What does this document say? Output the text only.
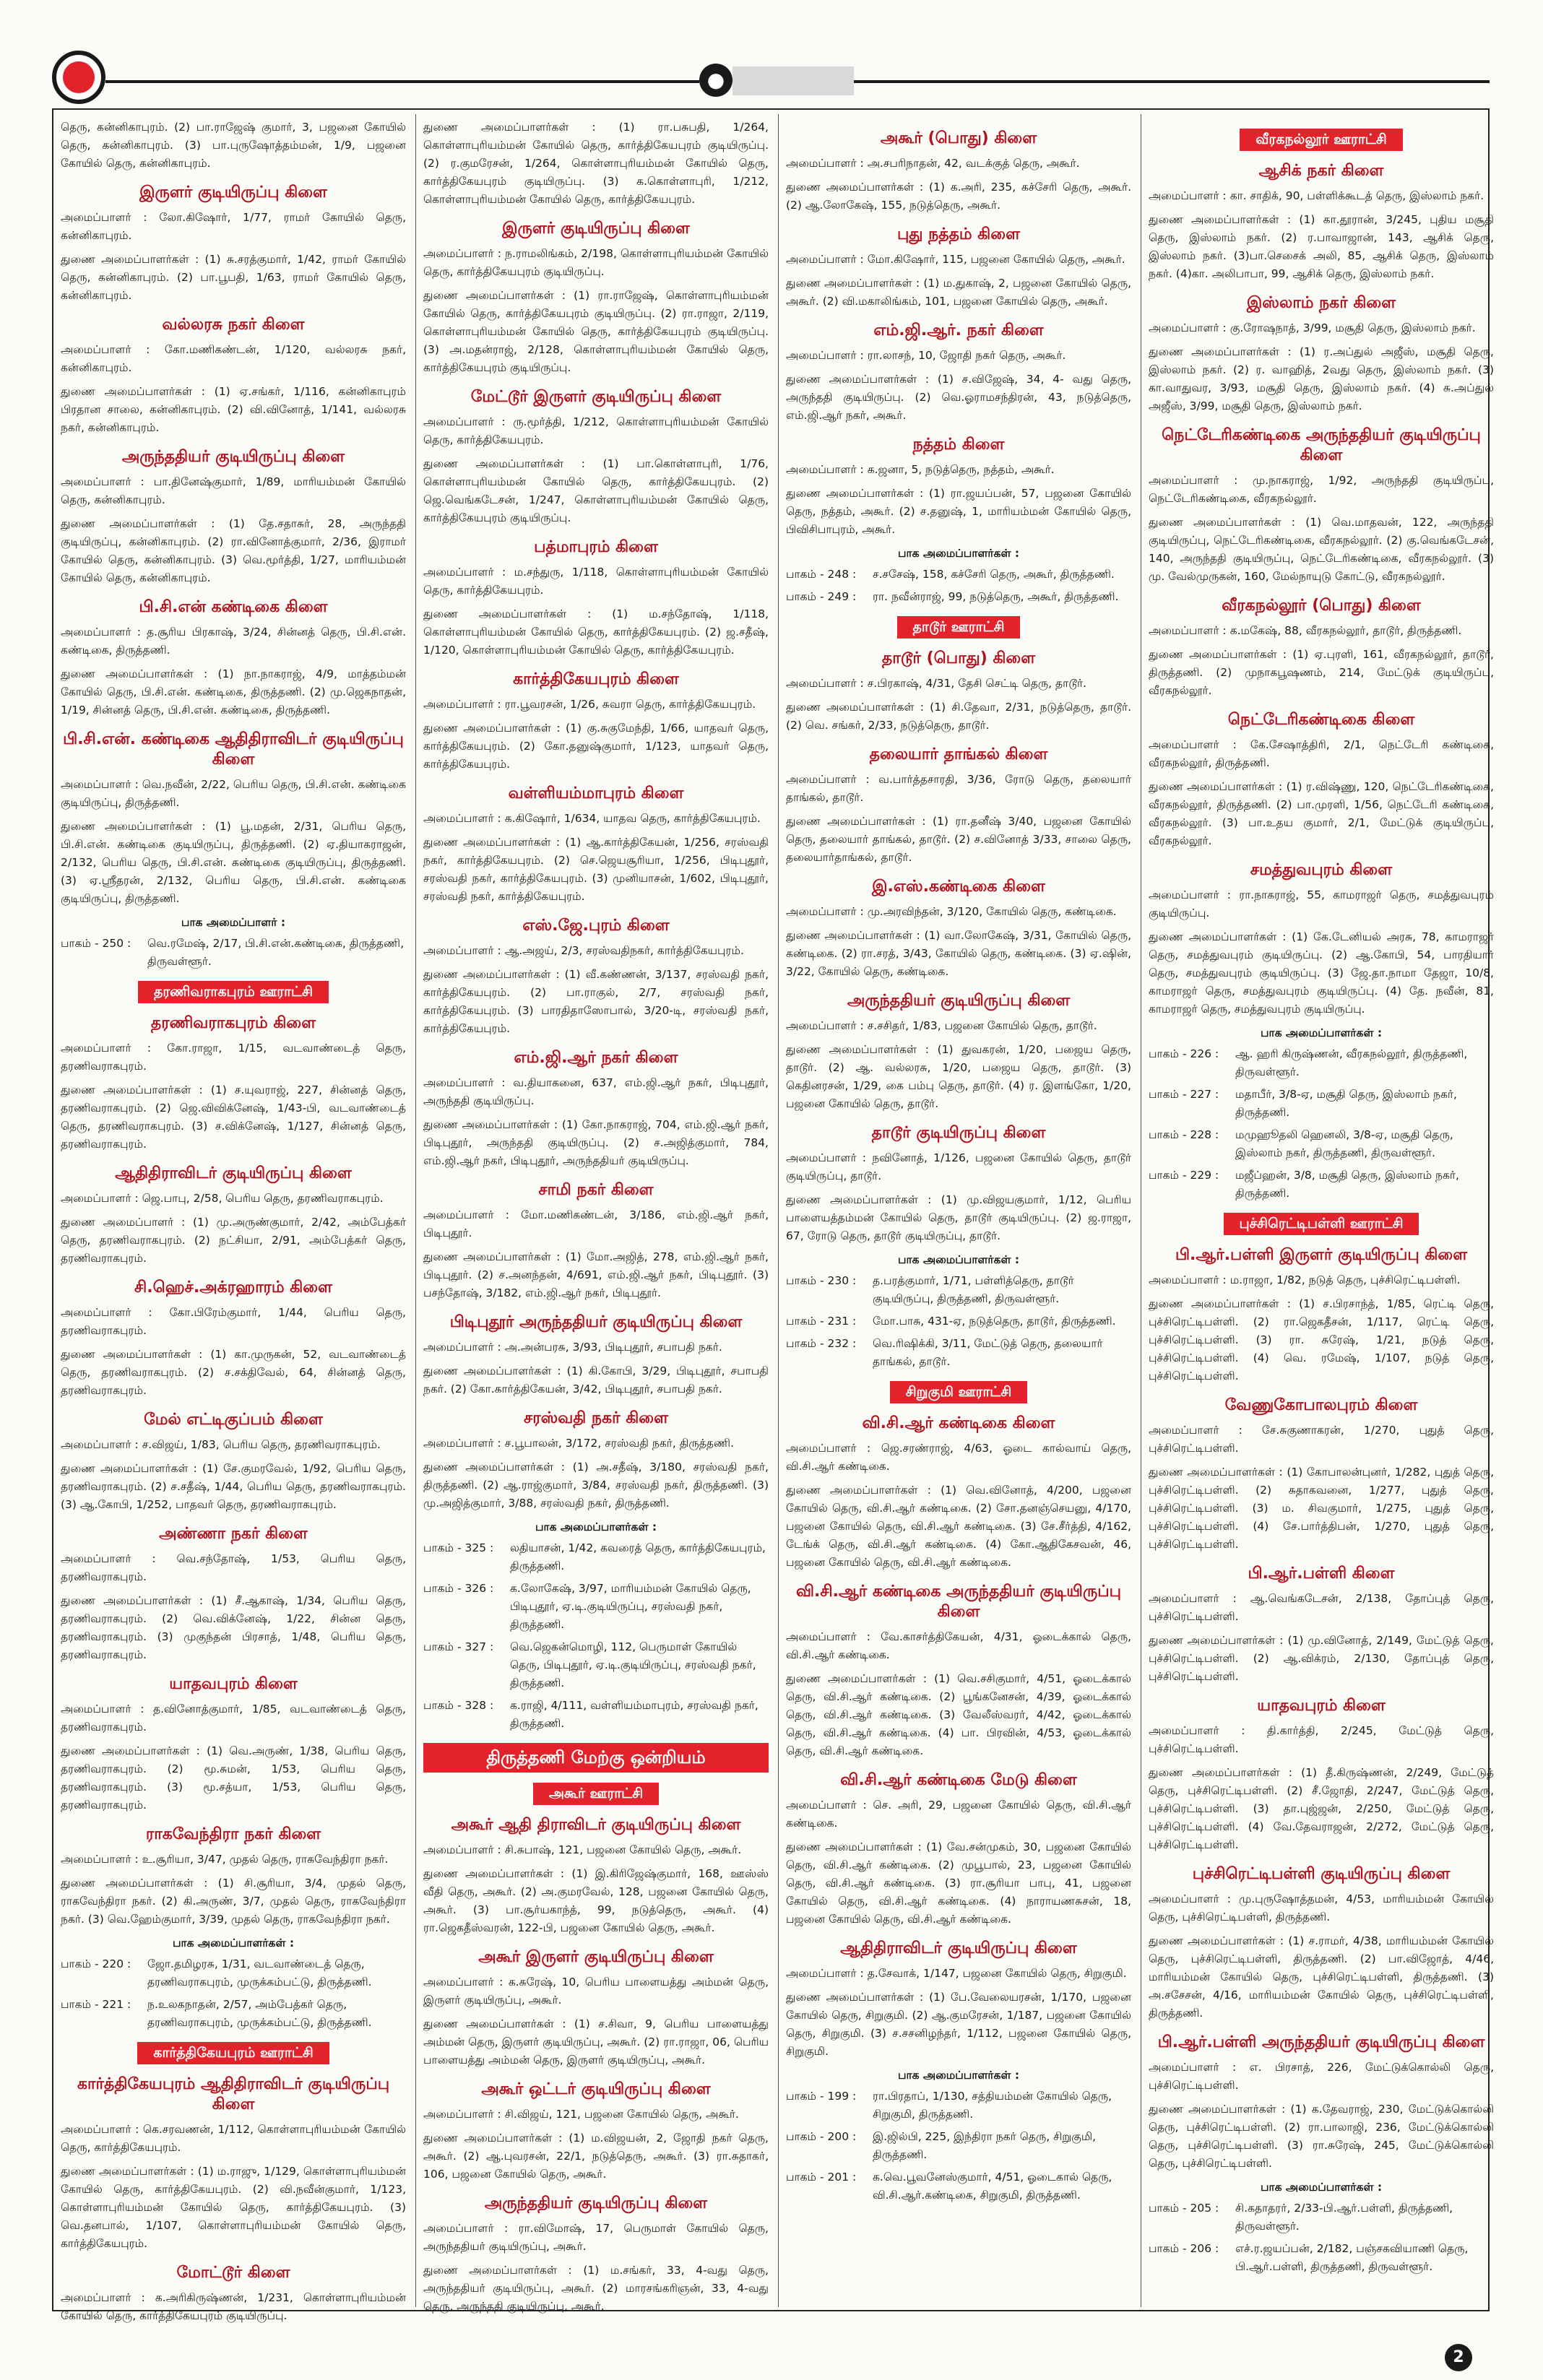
●

தெரு, கன்னிகாபுரம். (2) பா.ராஜேஷ் குமார், 3, பஜனை கோயில் தெரு, கன்னிகாபுரம். (3) பா.புருஷோத்தம்மன், 1/9, பஜனை கோயில் தெரு, கன்னிகாபுரம்.

இருளர் குடியிருப்பு கிளை

அமைப்பாளர் : லோ.கிஷோர், 1/77, ராமர் கோயில் தெரு, கன்னிகாபுரம்.

துணை அமைப்பாளர்கள் : (1) சு.சரத்குமார், 1/42, ராமர் கோயில் தெரு, கன்னிகாபுரம். (2) பா.பூபதி, 1/63, ராமர் கோயில் தெரு, கன்னிகாபுரம்.

வல்லரசு நகர் கிளை

அமைப்பாளர் : கோ.மணிகண்டன், 1/120, வல்லரசு நகர், கன்னிகாபுரம்.

துணை அமைப்பாளர்கள் : (1) ஏ.சங்கர், 1/116, கன்னிகாபுரம் பிரதான சாலை, கன்னிகாபுரம். (2) வி.வினோத், 1/141, வல்லரசு நகர், கன்னிகாபுரம்.

அருந்ததியர் குடியிருப்பு கிளை

அமைப்பாளர் : பா.தினேஷ்குமார், 1/89, மாரியம்மன் கோயில் தெரு, கன்னிகாபுரம்.

துணை அமைப்பாளர்கள் : (1) தே.சதாசுர், 28, அருந்ததி குடியிருப்பு, கன்னிகாபுரம். (2) ரா.வினோத்குமார், 2/36, இராமர் கோயில் தெரு, கன்னிகாபுரம். (3) வெ.மூர்த்தி, 1/27, மாரியம்மன் கோயில் தெரு, கன்னிகாபுரம்.

பி.சி.என் கண்டிகை கிளை

அமைப்பாளர் : த.சூரிய பிரகாஷ், 3/24, சின்னத் தெரு, பி.சி.என். கண்டிகை, திருத்தணி.

துணை அமைப்பாளர்கள் : (1) நா.நாகராஜ், 4/9, மாத்தம்மன் கோயில் தெரு, பி.சி.என். கண்டிகை, திருத்தணி. (2) மு.ஜெகநாதன், 1/19, சின்னத் தெரு, பி.சி.என். கண்டிகை, திருத்தணி.

பி.சி.என். கண்டிகை ஆதிதிராவிடர் குடியிருப்பு கிளை

அமைப்பாளர் : வெ.நவீன், 2/22, பெரிய தெரு, பி.சி.என். கண்டிகை குடியிருப்பு, திருத்தணி.

துணை அமைப்பாளர்கள் : (1) பூ.மதன், 2/31, பெரிய தெரு, பி.சி.என். கண்டிகை குடியிருப்பு, திருத்தணி. (2) ஏ.தியாகராஜன், 2/132, பெரிய தெரு, பி.சி.என். கண்டிகை குடியிருப்பு, திருத்தணி. (3) ஏ.ஸ்ரீதரன், 2/132, பெரிய தெரு, பி.சி.என். கண்டிகை குடியிருப்பு, திருத்தணி.

பாக அமைப்பாளர் :
பாகம் - 250 :	வெ.ரமேஷ், 2/17, பி.சி.என்.கண்டிகை, திருத்தணி, திருவள்ளூர்.
தரணிவராகபுரம் ஊராட்சி
தரணிவராகபுரம் கிளை

அமைப்பாளர் : கோ.ராஜா, 1/15, வடவாண்டைத் தெரு, தரணிவராகபுரம்.

துணை அமைப்பாளர்கள் : (1) ச.யுவராஜ், 227, சின்னத் தெரு, தரணிவராகபுரம். (2) ஜெ.விவிக்னேஷ், 1/43-பி, வடவாண்டைத் தெரு, தரணிவராகபுரம். (3) ச.விக்னேஷ், 1/127, சின்னத் தெரு, தரணிவராகபுரம்.

ஆதிதிராவிடர் குடியிருப்பு கிளை

அமைப்பாளர் : ஜெ.பாபு, 2/58, பெரிய தெரு, தரணிவராகபுரம்.

துணை அமைப்பாளர் : (1) மு.அருண்குமார், 2/42, அம்பேத்கர் தெரு, தரணிவராகபுரம். (2) நட்சியா, 2/91, அம்பேத்கர் தெரு, தரணிவராகபுரம்.

சி.ஹெச்.அக்ரஹாரம் கிளை

அமைப்பாளர் : கோ.பிரேம்குமார், 1/44, பெரிய தெரு, தரணிவராகபுரம்.

துணை அமைப்பாளர்கள் : (1) கா.முருகன், 52, வடவாண்டைத் தெரு, தரணிவராகபுரம். (2) ச.சக்திவேல், 64, சின்னத் தெரு, தரணிவராகபுரம்.

மேல் எட்டிகுப்பம் கிளை

அமைப்பாளர் : ச.விஜய், 1/83, பெரிய தெரு, தரணிவராகபுரம்.

துணை அமைப்பாளர்கள் : (1) சே.குமரவேல், 1/92, பெரிய தெரு, தரணிவராகபுரம். (2) ச.சதீஷ், 1/44, பெரிய தெரு, தரணிவராகபுரம். (3) ஆ.கோபி, 1/252, பாதவர் தெரு, தரணிவராகபுரம்.

அண்ணா நகர் கிளை

அமைப்பாளர் : வெ.சந்தோஷ், 1/53, பெரிய தெரு, தரணிவராகபுரம்.

துணை அமைப்பாளர்கள் : (1) சீ.ஆகாஷ், 1/34, பெரிய தெரு, தரணிவராகபுரம். (2) வெ.விக்னேஷ், 1/22, சின்ன தெரு, தரணிவராகபுரம். (3) முகுந்தன் பிரசாத், 1/48, பெரிய தெரு, தரணிவராகபுரம்.

யாதவபுரம் கிளை

அமைப்பாளர் : த.வினோத்குமார், 1/85, வடவாண்டைத் தெரு, தரணிவராகபுரம்.

துணை அமைப்பாளர்கள் : (1) வெ.அருண், 1/38, பெரிய தெரு, தரணிவராகபுரம். (2) மூ.சுமன், 1/53, பெரிய தெரு, தரணிவராகபுரம். (3) மூ.சத்யா, 1/53, பெரிய தெரு, தரணிவராகபுரம்.

ராகவேந்திரா நகர் கிளை

அமைப்பாளர் : உ.சூரியா, 3/47, முதல் தெரு, ராகவேந்திரா நகர்.

துணை அமைப்பாளர்கள் : (1) சி.சூரியா, 3/4, முதல் தெரு, ராகவேந்திரா நகர். (2) கி.அருண், 3/7, முதல் தெரு, ராகவேந்திரா நகர். (3) வெ.ஹேம்குமார், 3/39, முதல் தெரு, ராகவேந்திரா நகர்.

பாக அமைப்பாளர்கள் :
பாகம் - 220 :	ஜோ.தமிழரசு, 1/31, வடவாண்டைத் தெரு, தரணிவராகபுரம், முருக்கம்பட்டு, திருத்தணி.
பாகம் - 221 :	ந.உலகநாதன், 2/57, அம்பேத்கர் தெரு, தரணிவராகபுரம், முருக்கம்பட்டு, திருத்தணி.
கார்த்திகேயபுரம் ஊராட்சி
கார்த்திகேயபுரம் ஆதிதிராவிடர் குடியிருப்பு கிளை

அமைப்பாளர் : கெ.சரவணன், 1/112, கொள்ளாபுரியம்மன் கோயில் தெரு, கார்த்திகேயபுரம்.

துணை அமைப்பாளர்கள் : (1) ம.ராஜு, 1/129, கொள்ளாபுரியம்மன் கோயில் தெரு, கார்த்திகேயபுரம். (2) வி.நவீன்குமார், 1/123, கொள்ளாபுரியம்மன் கோயில் தெரு, கார்த்திகேயபுரம். (3) வெ.தனபால், 1/107, கொள்ளாபுரியம்மன் கோயில் தெரு, கார்த்திகேயபுரம்.

மோட்டூர் கிளை

அமைப்பாளர் : க.அரிகிருஷ்ணன், 1/231, கொள்ளாபுரியம்மன் கோயில் தெரு, கார்த்திகேயபுரம் குடியிருப்பு.

துணை அமைப்பாளர்கள் : (1) ரா.பசுபதி, 1/264, கொள்ளாபுரியம்மன் கோயில் தெரு, கார்த்திகேயபுரம் குடியிருப்பு. (2) ர.குமரேசன், 1/264, கொள்ளாபுரியம்மன் கோயில் தெரு, கார்த்திகேயபுரம் குடியிருப்பு. (3) க.கொள்ளாபுரி, 1/212, கொள்ளாபுரியம்மன் கோயில் தெரு, கார்த்திகேயபுரம்.

இருளர் குடியிருப்பு கிளை

அமைப்பாளர் : ந.ராமலிங்கம், 2/198, கொள்ளாபுரியம்மன் கோயில் தெரு, கார்த்திகேயபுரம் குடியிருப்பு.

துணை அமைப்பாளர்கள் : (1) ரா.ராஜேஷ், கொள்ளாபுரியம்மன் கோயில் தெரு, கார்த்திகேயபுரம் குடியிருப்பு. (2) ரா.ராஜா, 2/119, கொள்ளாபுரியம்மன் கோயில் தெரு, கார்த்திகேயபுரம் குடியிருப்பு. (3) அ.மதன்ராஜ், 2/128, கொள்ளாபுரியம்மன் கோயில் தெரு, கார்த்திகேயபுரம் குடியிருப்பு.

மேட்டூர் இருளர் குடியிருப்பு கிளை

அமைப்பாளர் : ரு.மூர்த்தி, 1/212, கொள்ளாபுரியம்மன் கோயில் தெரு, கார்த்திகேயபுரம்.

துணை அமைப்பாளர்கள் : (1) பா.கொள்ளாபுரி, 1/76, கொள்ளாபுரியம்மன் கோயில் தெரு, கார்த்திகேயபுரம். (2) ஜெ.வெங்கடேசன், 1/247, கொள்ளாபுரியம்மன் கோயில் தெரு, கார்த்திகேயபுரம் குடியிருப்பு.

பத்மாபுரம் கிளை

அமைப்பாளர் : ம.சந்துரு, 1/118, கொள்ளாபுரியம்மன் கோயில் தெரு, கார்த்திகேயபுரம்.

துணை அமைப்பாளர்கள் : (1) ம.சந்தோஷ், 1/118, கொள்ளாபுரியம்மன் கோயில் தெரு, கார்த்திகேயபுரம். (2) ஜ.சதீஷ், 1/120, கொள்ளாபுரியம்மன் கோயில் தெரு, கார்த்திகேயபுரம்.

கார்த்திகேயபுரம் கிளை

அமைப்பாளர் : ரா.பூவரசன், 1/26, சுவரா தெரு, கார்த்திகேயபுரம்.

துணை அமைப்பாளர்கள் : (1) கு.சுகுமேந்தி, 1/66, யாதவர் தெரு, கார்த்திகேயபுரம். (2) கோ.தனுஷ்குமார், 1/123, யாதவர் தெரு, கார்த்திகேயபுரம்.

வள்ளியம்மாபுரம் கிளை

அமைப்பாளர் : க.கிஷோர், 1/634, யாதவ தெரு, கார்த்திகேயபுரம்.

துணை அமைப்பாளர்கள் : (1) ஆ.கார்த்திகேயன், 1/256, சரஸ்வதி நகர், கார்த்திகேயபுரம். (2) செ.ஜெயசூரியா, 1/256, பிடிபுதூர், சரஸ்வதி நகர், கார்த்திகேயபுரம். (3) முனியாசன், 1/602, பிடிபுதூர், சரஸ்வதி நகர், கார்த்திகேயபுரம்.

எஸ்.ஜே.புரம் கிளை

அமைப்பாளர் : ஆ.அஜய், 2/3, சரஸ்வதிநகர், கார்த்திகேயபுரம்.

துணை அமைப்பாளர்கள் : (1) வீ.கண்ணன், 3/137, சரஸ்வதி நகர், கார்த்திகேயபுரம். (2) பா.ராகுல், 2/7, சரஸ்வதி நகர், கார்த்திகேயபுரம். (3) பாரதிதாஸோபால், 3/20-டி, சரஸ்வதி நகர், கார்த்திகேயபுரம்.

எம்.ஜி.ஆர் நகர் கிளை

அமைப்பாளர் : வ.தியாகனை, 637, எம்.ஜி.ஆர் நகர், பிடிபுதூர், அருந்ததி குடியிருப்பு.

துணை அமைப்பாளர்கள் : (1) கோ.நாகராஜ், 704, எம்.ஜி.ஆர் நகர், பிடிபுதூர், அருந்ததி குடியிருப்பு. (2) ச.அஜித்குமார், 784, எம்.ஜி.ஆர் நகர், பிடிபுதூர், அருந்ததியர் குடியிருப்பு.

சாமி நகர் கிளை

அமைப்பாளர் : மோ.மணிகண்டன், 3/186, எம்.ஜி.ஆர் நகர், பிடிபுதூர்.

துணை அமைப்பாளர்கள் : (1) மோ.அஜித், 278, எம்.ஜி.ஆர் நகர், பிடிபுதூர். (2) ச.அனந்தன், 4/691, எம்.ஜி.ஆர் நகர், பிடிபுதூர். (3) பசந்தோஷ், 3/182, எம்.ஜி.ஆர் நகர், பிடிபுதூர்.

பிடிபுதூர் அருந்ததியர் குடியிருப்பு கிளை

அமைப்பாளர் : அ.அன்பரசு, 3/93, பிடிபுதூர், சபாபதி நகர்.

துணை அமைப்பாளர்கள் : (1) கி.கோபி, 3/29, பிடிபுதூர், சபாபதி நகர். (2) கோ.கார்த்திகேயன், 3/42, பிடிபுதூர், சபாபதி நகர்.

சரஸ்வதி நகர் கிளை

அமைப்பாளர் : ச.பூபாலன், 3/172, சரஸ்வதி நகர், திருத்தணி.

துணை அமைப்பாளர்கள் : (1) அ.சதீஷ், 3/180, சரஸ்வதி நகர், திருத்தணி. (2) ஆ.ராஜ்குமார், 3/84, சரஸ்வதி நகர், திருத்தணி. (3) மு.அஜித்குமார், 3/88, சரஸ்வதி நகர், திருத்தணி.

பாக அமைப்பாளர்கள் :
பாகம் - 325 :	லதியாசன், 1/42, கவரைத் தெரு, கார்த்திகேயபுரம், திருத்தணி.
பாகம் - 326 :	க.லோகேஷ், 3/97, மாரியம்மன் கோயில் தெரு, பிடிபுதூர், ஏ.டி.குடியிருப்பு, சரஸ்வதி நகர், திருத்தணி.
பாகம் - 327 :	வெ.ஜெகன்மொழி, 112, பெருமாள் கோயில் தெரு, பிடிபுதூர், ஏ.டி.குடியிருப்பு, சரஸ்வதி நகர், திருத்தணி.
பாகம் - 328 :	க.ராஜி, 4/111, வள்ளியம்மாபுரம், சரஸ்வதி நகர், திருத்தணி.
திருத்தணி மேற்கு ஒன்றியம்
அகூர் ஊராட்சி
அகூர் ஆதி திராவிடர் குடியிருப்பு கிளை

அமைப்பாளர் : சி.சுபாஷ், 121, பஜனை கோயில் தெரு, அகூர்.

துணை அமைப்பாளர்கள் : (1) இ.கிரிஜேஷ்குமார், 168, ஊஸ்ஸ் வீதி தெரு, அகூர். (2) அ.குமரவேல், 128, பஜனை கோயில் தெரு, அகூர். (3) பா.சூர்யகாந்த், 99, நடுத்தெரு, அகூர். (4) ரா.ஜெகதீஸ்வரன், 122-பி, பஜனை கோயில் தெரு, அகூர்.

அகூர் இருளர் குடியிருப்பு கிளை

அமைப்பாளர் : க.சுரேஷ், 10, பெரிய பாளையத்து அம்மன் தெரு, இருளர் குடியிருப்பு, அகூர்.

துணை அமைப்பாளர்கள் : (1) ச.சிவா, 9, பெரிய பாளையத்து அம்மன் தெரு, இருளர் குடியிருப்பு, அகூர். (2) ரா.ராஜா, 06, பெரிய பாளையத்து அம்மன் தெரு, இருளர் குடியிருப்பு, அகூர்.

அகூர் ஒட்டர் குடியிருப்பு கிளை

அமைப்பாளர் : சி.விஜய், 121, பஜனை கோயில் தெரு, அகூர்.

துணை அமைப்பாளர்கள் : (1) ம.விஜயன், 2, ஜோதி நகர் தெரு, அகூர். (2) ஆ.புவரசன், 22/1, நடுத்தெரு, அகூர். (3) ரா.சுதாகர், 106, பஜனை கோயில் தெரு, அகூர்.

அருந்ததியர் குடியிருப்பு கிளை

அமைப்பாளர் : ரா.விமோஷ், 17, பெருமாள் கோயில் தெரு, அருந்ததியர் குடியிருப்பு, அகூர்.

துணை அமைப்பாளர்கள் : (1) ம.சங்கர், 33, 4-வது தெரு, அருந்ததியர் குடியிருப்பு, அகூர். (2) மாரசங்கரிஞன், 33, 4-வது தெரு, அருந்ததி குடியிருப்பு, அகூர்.

அகூர் (பொது) கிளை

அமைப்பாளர் : அ.சபரிநாதன், 42, வடக்குத் தெரு, அகூர்.

துணை அமைப்பாளர்கள் : (1) க.அரி, 235, கச்சேரி தெரு, அகூர். (2) ஆ.லோகேஷ், 155, நடுத்தெரு, அகூர்.

புது நத்தம் கிளை

அமைப்பாளர் : மோ.கிஷோர், 115, பஜனை கோயில் தெரு, அகூர்.

துணை அமைப்பாளர்கள் : (1) ம.துகாஷ், 2, பஜனை கோயில் தெரு, அகூர். (2) வி.மகாலிங்கம், 101, பஜனை கோயில் தெரு, அகூர்.

எம்.ஜி.ஆர். நகர் கிளை

அமைப்பாளர் : ரா.லாசந், 10, ஜோதி நகர் தெரு, அகூர்.

துணை அமைப்பாளர்கள் : (1) ச.விஜேஷ், 34, 4- வது தெரு, அருந்ததி குடியிருப்பு. (2) வெ.ஓராமசந்திரன், 43, நடுத்தெரு, எம்.ஜி.ஆர் நகர், அகூர்.

நத்தம் கிளை

அமைப்பாளர் : க.ஜனா, 5, நடுத்தெரு, நத்தம், அகூர்.

துணை அமைப்பாளர்கள் : (1) ரா.ஜயப்பன், 57, பஜனை கோயில் தெரு, நத்தம், அகூர். (2) ச.தனுஷ், 1, மாரியம்மன் கோயில் தெரு, பிவிசிபாபுரம், அகூர்.

பாக அமைப்பாளர்கள் :
பாகம் - 248 :	ச.சசேஷ், 158, கச்சேரி தெரு, அகூர், திருத்தணி.
பாகம் - 249 :	ரா. நவீன்ராஜ், 99, நடுத்தெரு, அகூர், திருத்தணி.
தாடூர் ஊராட்சி
தாடூர் (பொது) கிளை

அமைப்பாளர் : ச.பிரகாஷ், 4/31, தேசி செட்டி தெரு, தாடூர்.

துணை அமைப்பாளர்கள் : (1) சி.தேவா, 2/31, நடுத்தெரு, தாடூர். (2) வெ. சங்கர், 2/33, நடுத்தெரு, தாடூர்.

தலையார் தாங்கல் கிளை

அமைப்பாளர் : வ.பார்த்தசாரதி, 3/36, ரோடு தெரு, தலையார் தாங்கல், தாடூர்.

துணை அமைப்பாளர்கள் : (1) ரா.தனீஷ் 3/40, பஜனை கோயில் தெரு, தலையார் தாங்கல், தாடூர். (2) ச.வினோத் 3/33, சாலை தெரு, தலையார்தாங்கல், தாடூர்.

இ.எஸ்.கண்டிகை கிளை

அமைப்பாளர் : மு.அரவிந்தன், 3/120, கோயில் தெரு, கண்டிகை.

துணை அமைப்பாளர்கள் : (1) வா.லோகேஷ், 3/31, கோயில் தெரு, கண்டிகை. (2) ரா.சரத், 3/43, கோயில் தெரு, கண்டிகை. (3) ஏ.ஷின், 3/22, கோயில் தெரு, கண்டிகை.

அருந்ததியர் குடியிருப்பு கிளை

அமைப்பாளர் : ச.சசிதர், 1/83, பஜனை கோயில் தெரு, தாடூர்.

துணை அமைப்பாளர்கள் : (1) துவகரன், 1/20, பஜைய தெரு, தாடூர். (2) ஆ. வல்லரசு, 1/20, பஜைய தெரு, தாடூர். (3) கெதினரசன், 1/29, கை பம்பு தெரு, தாடூர். (4) ர. இளங்கோ, 1/20, பஜனை கோயில் தெரு, தாடூர்.

தாடூர் குடியிருப்பு கிளை

அமைப்பாளர் : நவினோத், 1/126, பஜனை கோயில் தெரு, தாடூர் குடியிருப்பு, தாடூர்.

துணை அமைப்பாளர்கள் : (1) மு.விஜயகுமார், 1/12, பெரிய பாளையத்தம்மன் கோயில் தெரு, தாடூர் குடியிருப்பு. (2) ஜ.ராஜா, 67, ரோடு தெரு, தாடூர் குடியிருப்பு, தாடூர்.

பாக அமைப்பாளர்கள் :
பாகம் - 230 :	த.பரத்குமார், 1/71, பள்ளித்தெரு, தாடூர் குடியிருப்பு, திருத்தணி, திருவள்ளூர்.
பாகம் - 231 :	மோ.பாசு, 431-ஏ, நடுத்தெரு, தாடூர், திருத்தணி.
பாகம் - 232 :	வெ.ரிஷிக்கி, 3/11, மேட்டுத் தெரு, தலையார் தாங்கல், தாடூர்.
சிறுகுமி ஊராட்சி
வி.சி.ஆர் கண்டிகை கிளை

அமைப்பாளர் : ஜெ.சரண்ராஜ், 4/63, ஓடை கால்வாய் தெரு, வி.சி.ஆர் கண்டிகை.

துணை அமைப்பாளர்கள் : (1) வெ.வினோத், 4/200, பஜனை கோயில் தெரு, வி.சி.ஆர் கண்டிகை. (2) சோ.தனஞ்செயனு, 4/170, பஜனை கோயில் தெரு, வி.சி.ஆர் கண்டிகை. (3) சே.சீர்த்தி, 4/162, டேங்க் தெரு, வி.சி.ஆர் கண்டிகை. (4) கோ.ஆதிகேசவன், 46, பஜனை கோயில் தெரு, வி.சி.ஆர் கண்டிகை.

வி.சி.ஆர் கண்டிகை அருந்ததியர் குடியிருப்பு கிளை

அமைப்பாளர் : வே.காசர்த்திகேயன், 4/31, ஓடைக்கால் தெரு, வி.சி.ஆர் கண்டிகை.

துணை அமைப்பாளர்கள் : (1) வெ.சசிகுமார், 4/51, ஓடைக்கால் தெரு, வி.சி.ஆர் கண்டிகை. (2) பூங்கனேசன், 4/39, ஓடைக்கால் தெரு, வி.சி.ஆர் கண்டிகை. (3) வேலீஸ்வரர், 4/42, ஓடைக்கால் தெரு, வி.சி.ஆர் கண்டிகை. (4) பா. பிரவின், 4/53, ஓடைக்கால் தெரு, வி.சி.ஆர் கண்டிகை.

வி.சி.ஆர் கண்டிகை மேடு கிளை

அமைப்பாளர் : செ. அரி, 29, பஜனை கோயில் தெரு, வி.சி.ஆர் கண்டிகை.

துணை அமைப்பாளர்கள் : (1) வே.சன்முகம், 30, பஜனை கோயில் தெரு, வி.சி.ஆர் கண்டிகை. (2) முபூபால், 23, பஜனை கோயில் தெரு, வி.சி.ஆர் கண்டிகை. (3) ரா.சூரியா பாபு, 41, பஜனை கோயில் தெரு, வி.சி.ஆர் கண்டிகை. (4) நாராயணசுசன், 18, பஜனை கோயில் தெரு, வி.சி.ஆர் கண்டிகை.

ஆதிதிராவிடர் குடியிருப்பு கிளை

அமைப்பாளர் : த.சேவாக், 1/147, பஜனை கோயில் தெரு, சிறுகுமி.

துணை அமைப்பாளர்கள் : (1) பே.வேலையரசன், 1/170, பஜனை கோயில் தெரு, சிறுகுமி. (2) ஆ.குமரேசன், 1/187, பஜனை கோயில் தெரு, சிறுகுமி. (3) ச.சசனிழந்தர், 1/112, பஜனை கோயில் தெரு, சிறுகுமி.

பாக அமைப்பாளர்கள் :
பாகம் - 199 :	ரா.பிரதாப், 1/130, சத்தியம்மன் கோயில் தெரு, சிறுகுமி, திருத்தணி.
பாகம் - 200 :	இ.ஜில்பி, 225, இந்திரா நகர் தெரு, சிறுகுமி, திருத்தணி.
பாகம் - 201 :	க.வெ.பூவனேஸ்குமார், 4/51, ஓடைகால் தெரு, வி.சி.ஆர்.கண்டிகை, சிறுகுமி, திருத்தணி.
வீரகநல்லூர் ஊராட்சி
ஆசிக் நகர் கிளை

அமைப்பாளர் : கா. சாதிக், 90, பள்ளிக்கூடத் தெரு, இஸ்லாம் நகர்.

துணை அமைப்பாளர்கள் : (1) கா.தூரான், 3/245, புதிய மசூதி தெரு, இஸ்லாம் நகர். (2) ர.பாவாஜான், 143, ஆசிக் தெரு, இஸ்லாம் நகர். (3)பா.செசைக் அலி, 85, ஆசிக் தெரு, இஸ்லாம் நகர். (4)கா. அலிபாபா, 99, ஆசிக் தெரு, இஸ்லாம் நகர்.

இஸ்லாம் நகர் கிளை

அமைப்பாளர் : கு.ரோஷநாத், 3/99, மசூதி தெரு, இஸ்லாம் நகர்.

துணை அமைப்பாளர்கள் : (1) ர.அப்துல் அஜீஸ், மசூதி தெரு, இஸ்லாம் நகர். (2) ர. வாஹித், 2வது தெரு, இஸ்லாம் நகர். (3) கா.வாதுவர, 3/93, மசூதி தெரு, இஸ்லாம் நகர். (4) சு.அப்துல் அஜீஸ், 3/99, மசூதி தெரு, இஸ்லாம் நகர்.

நெட்டேரிகண்டிகை அருந்ததியர் குடியிருப்பு கிளை

அமைப்பாளர் : மு.நாகராஜ், 1/92, அருந்ததி குடியிருப்பு, நெட்டேரிகண்டிகை, வீரகநல்லூர்.

துணை அமைப்பாளர்கள் : (1) வெ.மாதவன், 122, அருந்ததி குடியிருப்பு, நெட்டேரிகண்டிகை, வீரகநல்லூர். (2) கு.வெங்கடேசன், 140, அருந்ததி குடியிருப்பு, நெட்டேரிகண்டிகை, வீரகநல்லூர். (3) மு. வேல்முருகன், 160, மேல்நாயுடு கோட்டு, வீரகநல்லூர்.

வீரகநல்லூர் (பொது) கிளை

அமைப்பாளர் : க.மகேஷ், 88, வீரகநல்லூர், தாடூர், திருத்தணி.

துணை அமைப்பாளர்கள் : (1) ஏ.புரளி, 161, வீரகநல்லூர், தாடூர், திருத்தணி. (2) முநாகபூஷணம், 214, மேட்டுக் குடியிருப்பு, வீரகநல்லூர்.

நெட்டேரிகண்டிகை கிளை

அமைப்பாளர் : கே.சேஷாத்திரி, 2/1, நெட்டேரி கண்டிகை, வீரகநல்லூர், திருத்தணி.

துணை அமைப்பாளர்கள் : (1) ர.விஷ்ணு, 120, நெட்டேரிகண்டிகை, வீரகநல்லூர், திருத்தணி. (2) பா.முரளி, 1/56, நெட்டேரி கண்டிகை, வீரகநல்லூர். (3) பா.உதய குமார், 2/1, மேட்டுக் குடியிருப்பு, வீரகநல்லூர்.

சமத்துவபுரம் கிளை

அமைப்பாளர் : ரா.நாகராஜ், 55, காமராஜர் தெரு, சமத்துவபுரம் குடியிருப்பு.

துணை அமைப்பாளர்கள் : (1) கே.டேனியல் அரசு, 78, காமராஜர் தெரு, சமத்துவபுரம் குடியிருப்பு. (2) ஆ.கோபி, 54, பாரதியார் தெரு, சமத்துவபுரம் குடியிருப்பு. (3) ஜே.தா.நாமா தேஜா, 10/8, காமராஜர் தெரு, சமத்துவபுரம் குடியிருப்பு. (4) தே. நவீன், 81, காமராஜர் தெரு, சமத்துவபுரம் குடியிருப்பு.

பாக அமைப்பாளர்கள் :
பாகம் - 226 :	ஆ. ஹரி கிருஷ்ணன், வீரகநல்லூர், திருத்தணி, திருவள்ளூர்.
பாகம் - 227 :	மதாபீர், 3/8-ஏ, மசூதி தெரு, இஸ்லாம் நகர், திருத்தணி.
பாகம் - 228 :	மமுஹூதலி ஹெனலி, 3/8-ஏ, மசூதி தெரு, இஸ்லாம் நகர், திருத்தணி, திருவள்ளூர்.
பாகம் - 229 :	மஜீப்ஹன், 3/8, மசூதி தெரு, இஸ்லாம் நகர், திருத்தணி.
புச்சிரெட்டிபள்ளி ஊராட்சி
பி.ஆர்.பள்ளி இருளர் குடியிருப்பு கிளை

அமைப்பாளர் : ம.ராஜா, 1/82, நடுத் தெரு, புச்சிரெட்டிபள்ளி.

துணை அமைப்பாளர்கள் : (1) ச.பிரசாந்த், 1/85, ரெட்டி தெரு, புச்சிரெட்டிபள்ளி. (2) ரா.ஜெகதீசன், 1/117, ரெட்டி தெரு, புச்சிரெட்டிபள்ளி. (3) ரா. சுரேஷ், 1/21, நடுத் தெரு, புச்சிரெட்டிபள்ளி. (4) வெ. ரமேஷ், 1/107, நடுத் தெரு, புச்சிரெட்டிபள்ளி.

வேணுகோபாலபுரம் கிளை

அமைப்பாளர் : சே.சுகுணாகரன், 1/270, புதுத் தெரு, புச்சிரெட்டிபள்ளி.

துணை அமைப்பாளர்கள் : (1) கோபாலன்புனர், 1/282, புதுத் தெரு, புச்சிரெட்டிபள்ளி. (2) சுதாகவனை, 1/277, புதுத் தெரு, புச்சிரெட்டிபள்ளி. (3) ம. சிவகுமார், 1/275, புதுத் தெரு, புச்சிரெட்டிபள்ளி. (4) சே.பார்த்திபன், 1/270, புதுத் தெரு, புச்சிரெட்டிபள்ளி.

பி.ஆர்.பள்ளி கிளை

அமைப்பாளர் : ஆ.வெங்கடேசன், 2/138, தோப்புத் தெரு, புச்சிரெட்டிபள்ளி.

துணை அமைப்பாளர்கள் : (1) மு.வினோத், 2/149, மேட்டுத் தெரு, புச்சிரெட்டிபள்ளி. (2) ஆ.விக்ரம், 2/130, தோப்புத் தெரு, புச்சிரெட்டிபள்ளி.

யாதவபுரம் கிளை

அமைப்பாளர் : தி.கார்த்தி, 2/245, மேட்டுத் தெரு, புச்சிரெட்டிபள்ளி.

துணை அமைப்பாளர்கள் : (1) தீ.கிருஷ்ணன், 2/249, மேட்டுத் தெரு, புச்சிரெட்டிபள்ளி. (2) சீ.ஜோதி, 2/247, மேட்டுத் தெரு, புச்சிரெட்டிபள்ளி. (3) தா.புஜ்ஜன், 2/250, மேட்டுத் தெரு, புச்சிரெட்டிபள்ளி. (4) வே.தேவராஜன், 2/272, மேட்டுத் தெரு, புச்சிரெட்டிபள்ளி.

புச்சிரெட்டிபள்ளி குடியிருப்பு கிளை

அமைப்பாளர் : மு.புருஷோத்தமன், 4/53, மாரியம்மன் கோயில் தெரு, புச்சிரெட்டிபள்ளி, திருத்தணி.

துணை அமைப்பாளர்கள் : (1) ச.ராமர், 4/38, மாரியம்மன் கோயில் தெரு, புச்சிரெட்டிபள்ளி, திருத்தணி. (2) பா.விஜோத், 4/46, மாரியம்மன் கோயில் தெரு, புச்சிரெட்டிபள்ளி, திருத்தணி. (3) அ.சசேசன், 4/16, மாரியம்மன் கோயில் தெரு, புச்சிரெட்டிபள்ளி, திருத்தணி.

பி.ஆர்.பள்ளி அருந்ததியர் குடியிருப்பு கிளை

அமைப்பாளர் : எ. பிரசாத், 226, மேட்டுக்கொல்லி தெரு, புச்சிரெட்டிபள்ளி.

துணை அமைப்பாளர்கள் : (1) க.தேவராஜ், 230, மேட்டுக்கொல்லி தெரு, புச்சிரெட்டிபள்ளி. (2) ரா.பாலாஜி, 236, மேட்டுக்கொல்லி தெரு, புச்சிரெட்டிபள்ளி. (3) ரா.சுரேஷ், 245, மேட்டுக்கொல்லி தெரு, புச்சிரெட்டிபள்ளி.

பாக அமைப்பாளர்கள் :
பாகம் - 205 :	சி.கதாதரர், 2/33-பி.ஆர்.பள்ளி, திருத்தணி, திருவள்ளூர்.
பாகம் - 206 :	எச்.ர.ஜயப்பன், 2/182, பஞ்சகவியாணி தெரு, பி.ஆர்.பள்ளி, திருத்தணி, திருவள்ளூர்.
2
